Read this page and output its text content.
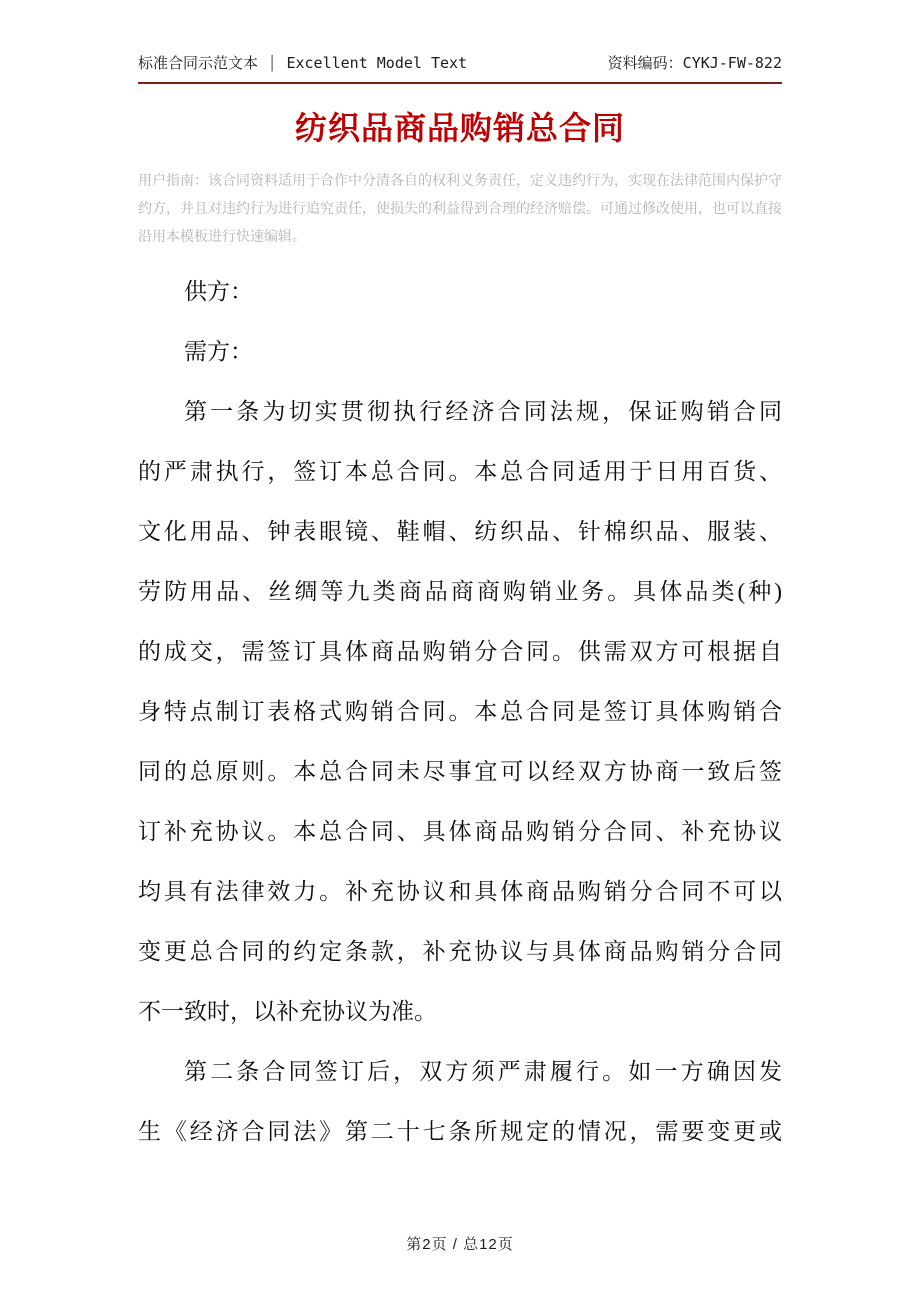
标准合同示范文本 │ Excellent Model Text	资料编码：CYKJ-FW-822
纺织品商品购销总合同

用户指南：该合同资料适用于合作中分清各自的权利义务责任，定义违约行为，实现在法律范围内保护守约方，并且对违约行为进行追究责任，使损失的利益得到合理的经济赔偿。可通过修改使用，也可以直接沿用本模板进行快速编辑。

供方：
需方：
第一条为切实贯彻执行经济合同法规，保证购销合同
的严肃执行，签订本总合同。本总合同适用于日用百货、
文化用品、钟表眼镜、鞋帽、纺织品、针棉织品、服装、
劳防用品、丝绸等九类商品商商购销业务。具体品类(种)
的成交，需签订具体商品购销分合同。供需双方可根据自
身特点制订表格式购销合同。本总合同是签订具体购销合
同的总原则。本总合同未尽事宜可以经双方协商一致后签
订补充协议。本总合同、具体商品购销分合同、补充协议
均具有法律效力。补充协议和具体商品购销分合同不可以
变更总合同的约定条款，补充协议与具体商品购销分合同
不一致时，以补充协议为准。
第二条合同签订后，双方须严肃履行。如一方确因发
生《经济合同法》第二十七条所规定的情况，需要变更或
第2页 / 总12页
